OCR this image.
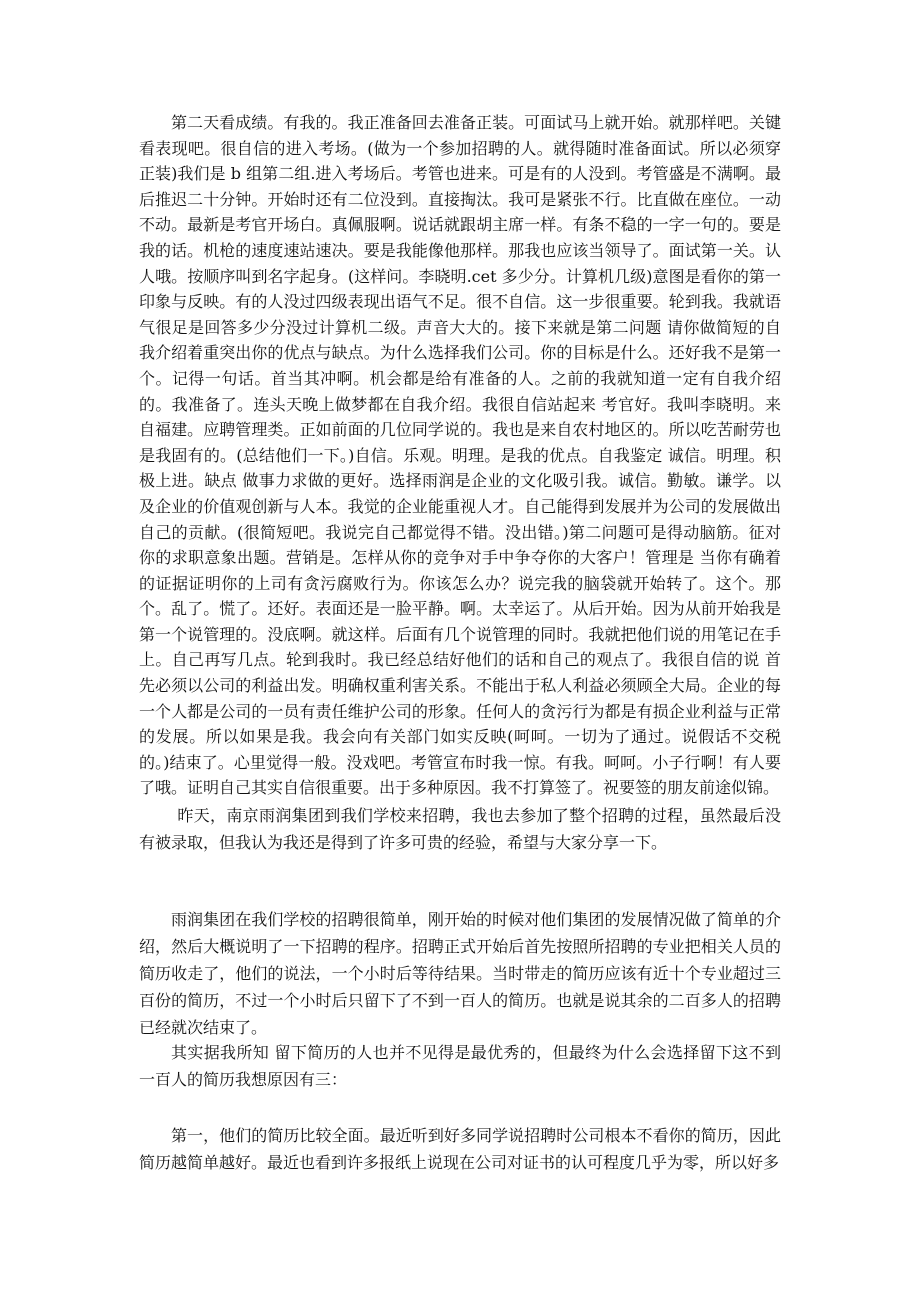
第二天看成绩。有我的。我正准备回去准备正装。可面试马上就开始。就那样吧。关键看表现吧。很自信的进入考场。(做为一个参加招聘的人。就得随时准备面试。所以必须穿正装)我们是 b 组第二组.进入考场后。考管也进来。可是有的人没到。考管盛是不满啊。最后推迟二十分钟。开始时还有二位没到。直接掏汰。我可是紧张不行。比直做在座位。一动不动。最新是考官开场白。真佩服啊。说话就跟胡主席一样。有条不稳的一字一句的。要是我的话。机枪的速度速站速决。要是我能像他那样。那我也应该当领导了。面试第一关。认人哦。按顺序叫到名字起身。(这样问。李晓明.cet 多少分。计算机几级)意图是看你的第一印象与反映。有的人没过四级表现出语气不足。很不自信。这一步很重要。轮到我。我就语气很足是回答多少分没过计算机二级。声音大大的。接下来就是第二问题 请你做简短的自我介绍着重突出你的优点与缺点。为什么选择我们公司。你的目标是什么。还好我不是第一个。记得一句话。首当其冲啊。机会都是给有准备的人。之前的我就知道一定有自我介绍的。我准备了。连头天晚上做梦都在自我介绍。我很自信站起来 考官好。我叫李晓明。来自福建。应聘管理类。正如前面的几位同学说的。我也是来自农村地区的。所以吃苦耐劳也是我固有的。(总结他们一下。)自信。乐观。明理。是我的优点。自我鉴定 诚信。明理。积极上进。缺点 做事力求做的更好。选择雨润是企业的文化吸引我。诚信。勤敏。谦学。以及企业的价值观创新与人本。我觉的企业能重视人才。自己能得到发展并为公司的发展做出自己的贡献。(很简短吧。我说完自己都觉得不错。没出错。)第二问题可是得动脑筋。征对你的求职意象出题。营销是。怎样从你的竞争对手中争夺你的大客户！管理是 当你有确着的证据证明你的上司有贪污腐败行为。你该怎么办？说完我的脑袋就开始转了。这个。那个。乱了。慌了。还好。表面还是一脸平静。啊。太幸运了。从后开始。因为从前开始我是第一个说管理的。没底啊。就这样。后面有几个说管理的同时。我就把他们说的用笔记在手上。自己再写几点。轮到我时。我已经总结好他们的话和自己的观点了。我很自信的说 首先必须以公司的利益出发。明确权重利害关系。不能出于私人利益必须顾全大局。企业的每一个人都是公司的一员有责任维护公司的形象。任何人的贪污行为都是有损企业利益与正常的发展。所以如果是我。我会向有关部门如实反映(呵呵。一切为了通过。说假话不交税的。)结束了。心里觉得一般。没戏吧。考管宣布时我一惊。有我。呵呵。小子行啊！有人要了哦。证明自己其实自信很重要。出于多种原因。我不打算签了。祝要签的朋友前途似锦。

昨天，南京雨润集团到我们学校来招聘，我也去参加了整个招聘的过程，虽然最后没有被录取，但我认为我还是得到了许多可贵的经验，希望与大家分享一下。

雨润集团在我们学校的招聘很简单，刚开始的时候对他们集团的发展情况做了简单的介绍，然后大概说明了一下招聘的程序。招聘正式开始后首先按照所招聘的专业把相关人员的简历收走了，他们的说法，一个小时后等待结果。当时带走的简历应该有近十个专业超过三百份的简历，不过一个小时后只留下了不到一百人的简历。也就是说其余的二百多人的招聘已经就次结束了。

其实据我所知 留下简历的人也并不见得是最优秀的，但最终为什么会选择留下这不到一百人的简历我想原因有三：

第一，他们的简历比较全面。最近听到好多同学说招聘时公司根本不看你的简历，因此简历越简单越好。最近也看到许多报纸上说现在公司对证书的认可程度几乎为零，所以好多
